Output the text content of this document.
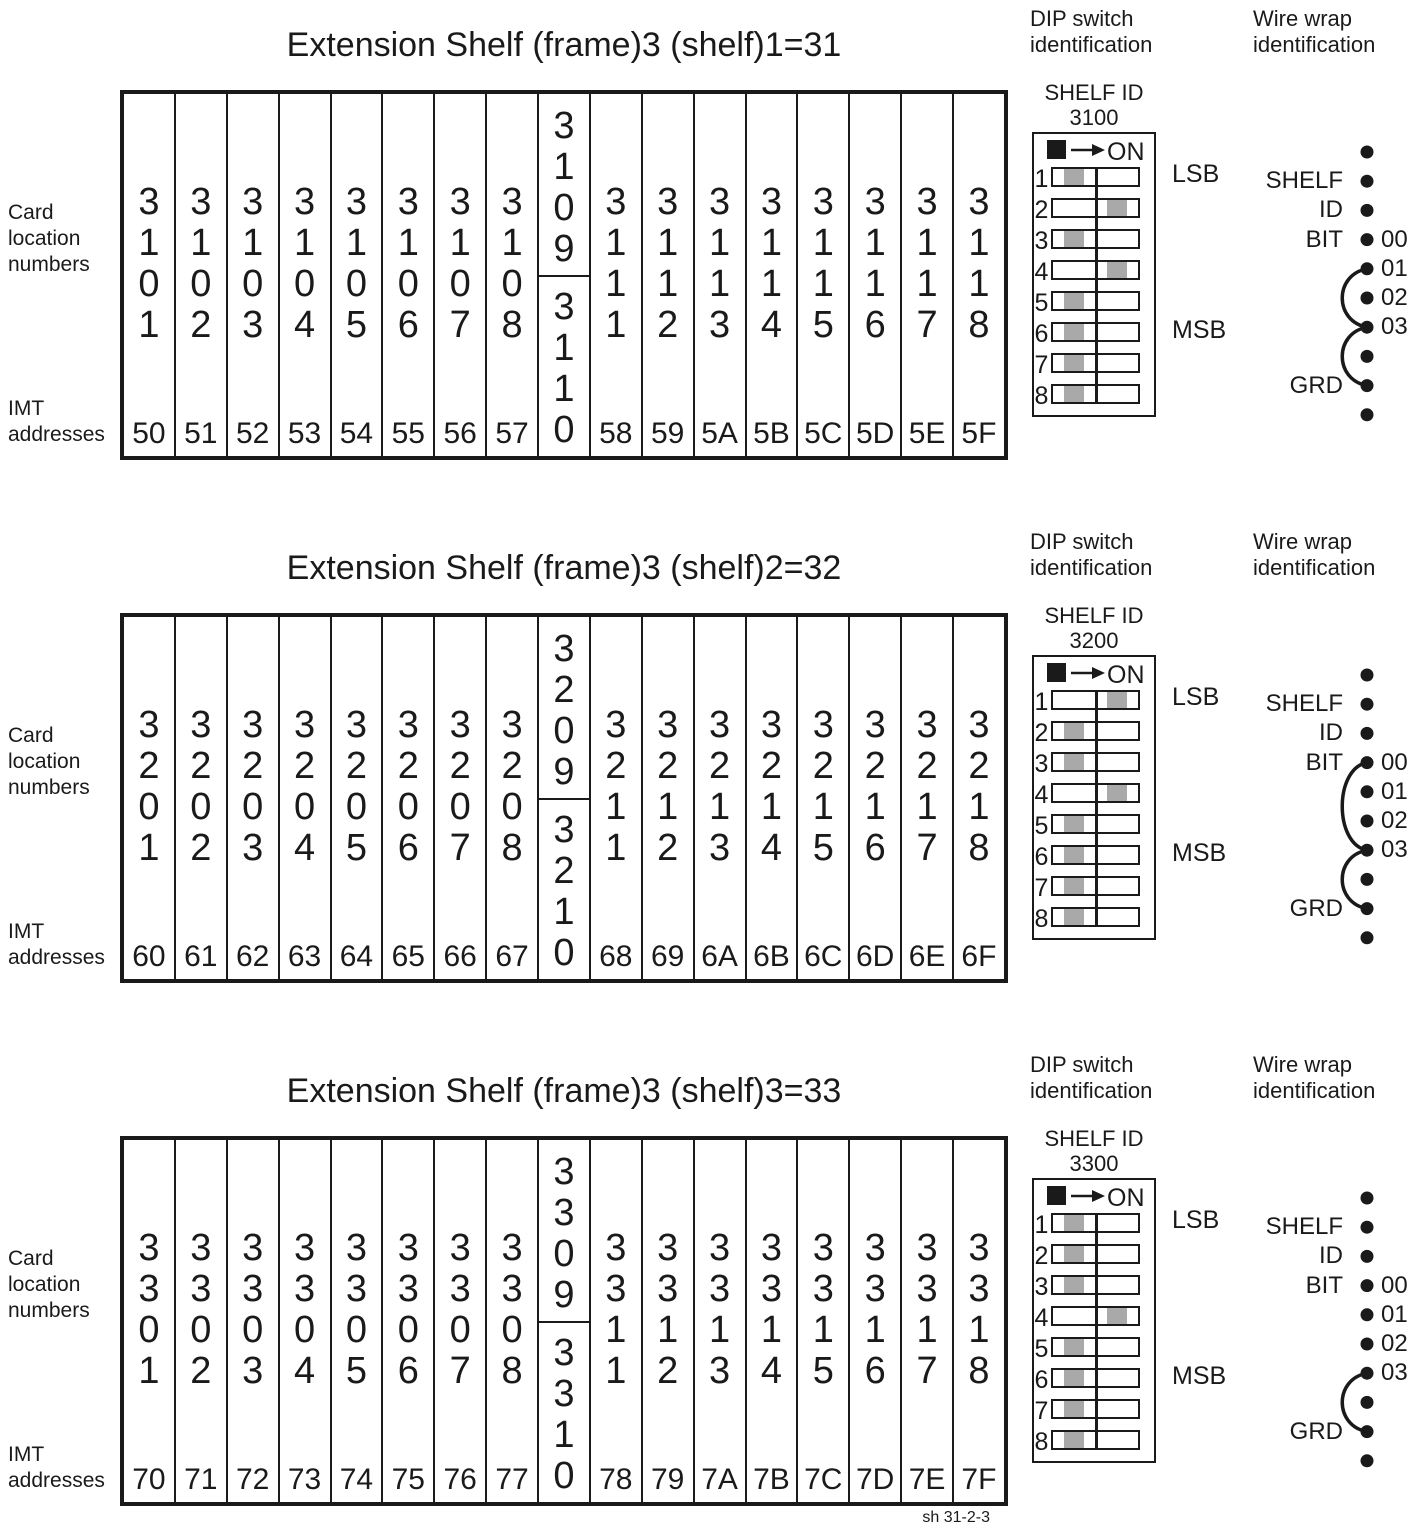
Extension Shelf (frame)3 (shelf)1=31
Card location numbers
IMT addresses
3101
50
3102
51
3103
52
3104
53
3105
54
3106
55
3107
56
3108
57
3109
3110
3111
58
3112
59
3113
5A
3114
5B
3115
5C
3116
5D
3117
5E
3118
5F
DIP switch identification
SHELF ID
3100
ON
1
2
3
4
5
6
7
8
LSB
MSB
Wire wrap identification
SHELF
ID
BIT
GRD
00
01
02
03
Extension Shelf (frame)3 (shelf)2=32
Card location numbers
IMT addresses
3201
60
3202
61
3203
62
3204
63
3205
64
3206
65
3207
66
3208
67
3209
3210
3211
68
3212
69
3213
6A
3214
6B
3215
6C
3216
6D
3217
6E
3218
6F
DIP switch identification
SHELF ID
3200
ON
1
2
3
4
5
6
7
8
LSB
MSB
Wire wrap identification
SHELF
ID
BIT
GRD
00
01
02
03
Extension Shelf (frame)3 (shelf)3=33
Card location numbers
IMT addresses
3301
70
3302
71
3303
72
3304
73
3305
74
3306
75
3307
76
3308
77
3309
3310
3311
78
3312
79
3313
7A
3314
7B
3315
7C
3316
7D
3317
7E
3318
7F
DIP switch identification
SHELF ID
3300
ON
1
2
3
4
5
6
7
8
LSB
MSB
Wire wrap identification
SHELF
ID
BIT
GRD
00
01
02
03
sh 31-2-3
